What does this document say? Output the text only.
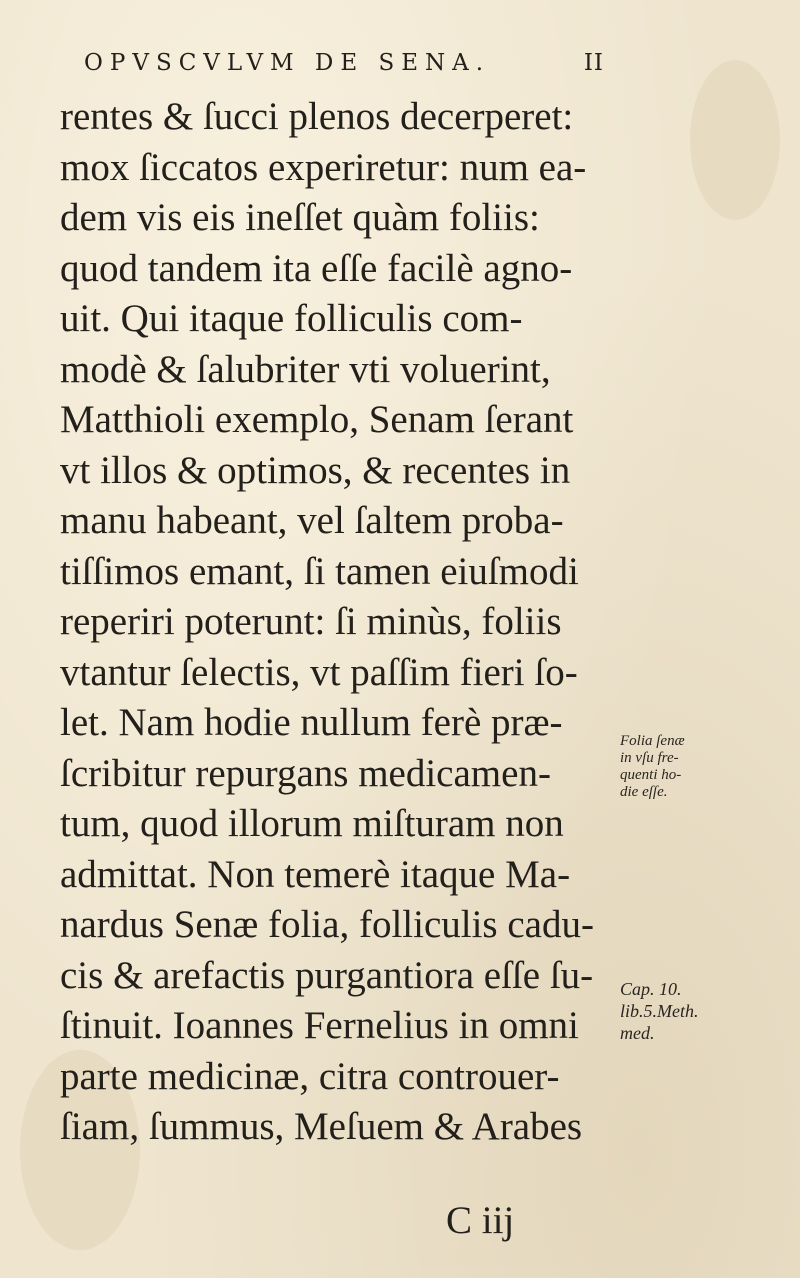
OPVSCVLVM DE SENA.	II
rentes & ſucci plenos decerperet:
mox ſiccatos experiretur: num ea-
dem vis eis ineſſet quàm foliis:
quod tandem ita eſſe facilè agno-
uit. Qui itaque folliculis com-
modè & ſalubriter vti voluerint,
Matthioli exemplo, Senam ſerant
vt illos & optimos, & recentes in
manu habeant, vel ſaltem proba-
tiſſimos emant, ſi tamen eiuſmodi
reperiri poterunt: ſi minùs, foliis
vtantur ſelectis, vt paſſim fieri ſo-
let. Nam hodie nullum ferè præ-
ſcribitur repurgans medicamen-
tum, quod illorum miſturam non
admittat. Non temerè itaque Ma-
nardus Senæ folia, folliculis cadu-
cis & arefactis purgantiora eſſe ſu-
ſtinuit. Ioannes Fernelius in omni
parte medicinæ, citra controuer-
ſiam, ſummus, Meſuem & Arabes
Folia ſenæ
in vſu fre-
quenti ho-
die eſſe.
Cap. 10.
lib.5.Meth.
med.
C iij
